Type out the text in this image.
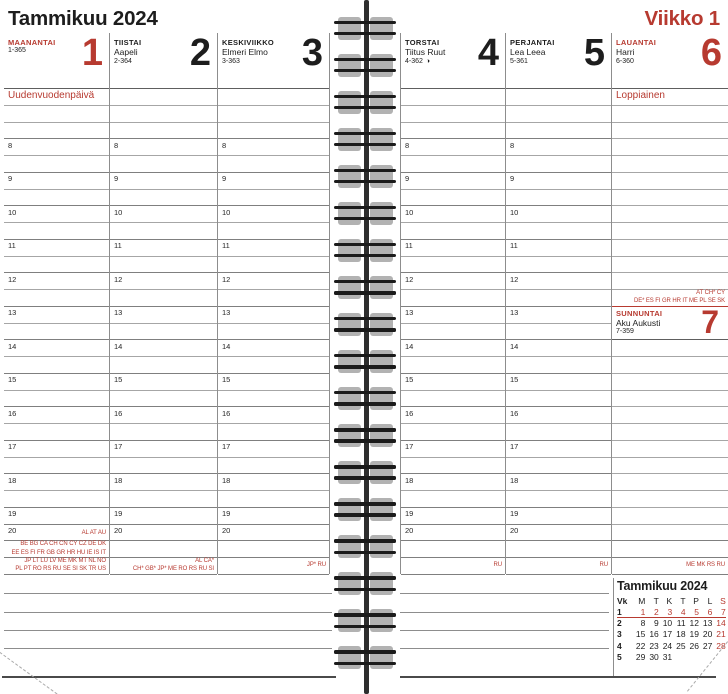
Tammikuu 2024
MAANANTAI
1-365	1
8
9
10
11
12
13
14
15
16
17
18
19
20
Uudenvuodenpäivä
AL AT AU
BE BG CA CH CN CY CZ DE DK
EE ES FI FR GB GR HR HU IE IS IT
JP LT LU LV ME MK MT NL NO
PL PT RO RS RU SE SI SK TR US
TIISTAI
Aapeli
2-364 2
8
9
10
11
12
13
14
15
16
17
18
19
20
AL CA*
CH* GB* JP* ME RO RS RU SI
KESKIVIIKKO
Elmeri Elmo
3-363	3
8
9
10
11
12
13
14
15
16
17
18
19
20
JP* RU
Viikko 1
TORSTAI
Tiitus Ruut
4-362 ◑	4
8
9
10
11
12
13
14
15
16
17
18
19
20
RU
PERJANTAI
Lea Leea
5-361	5
8
9
10
11
12
13
14
15
16
17
18
19
20
RU
LAUANTAI
Harri
6-360	6
Loppiainen
ME MK RS RU
AT CH* CY
DE* ES FI GR HR IT ME PL SE SK
SUNNUNTAI
Aku Aukusti
7-359	7
Tammikuu 2024
Vk	M T K T P	L S
1	1	2	3	4	5	6	7
2	8	9 10 11 12 13 14
3	15 16 17 18 19 20 21
4	22 23 24 25 26 27 28
5	29 30 31
